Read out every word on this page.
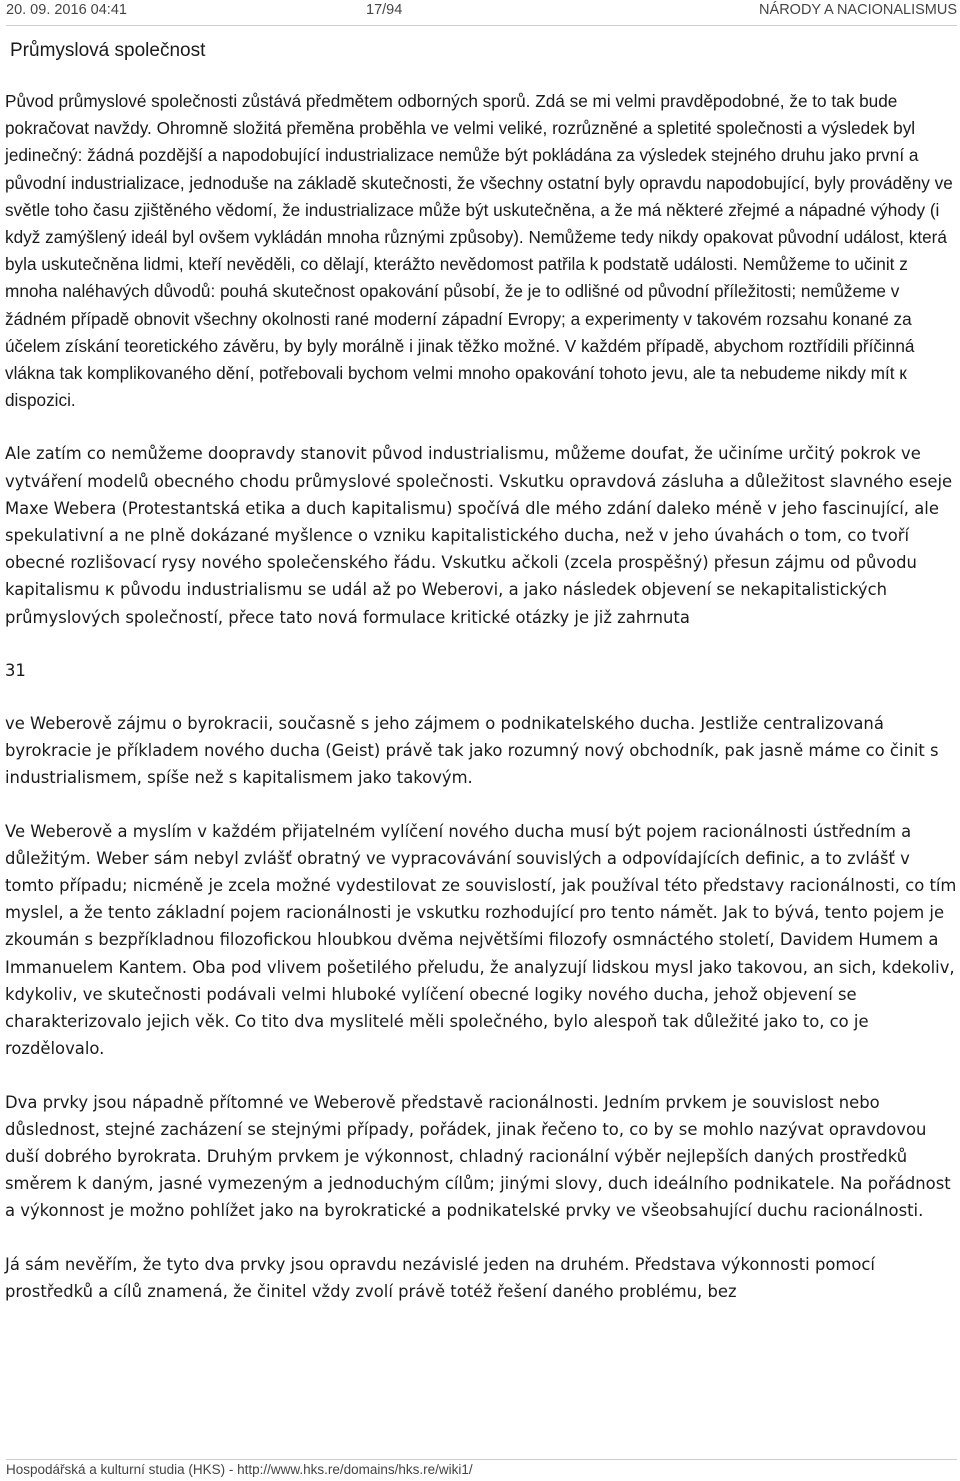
20. 09. 2016 04:41	17/94	NÁRODY A NACIONALISMUS
Průmyslová společnost

Původ průmyslové společnosti zůstává předmětem odborných sporů. Zdá se mi velmi pravděpodobné, že to tak bude pokračovat navždy. Ohromně složitá přeměna proběhla ve velmi veliké, rozrůzněné a spletité společnosti a výsledek byl jedinečný: žádná pozdější a napodobující industrializace nemůže být pokládána za výsledek stejného druhu jako první a původní industrializace, jednoduše na základě skutečnosti, že všechny ostatní byly opravdu napodobující, byly prováděny ve světle toho času zjištěného vědomí, že industrializace může být uskutečněna, a že má některé zřejmé a nápadné výhody (i když zamýšlený ideál byl ovšem vykládán mnoha různými způsoby). Nemůžeme tedy nikdy opakovat původní událost, která byla uskutečněna lidmi, kteří nevěděli, co dělají, kterážto nevědomost patřila k podstatě události. Nemůžeme to učinit z mnoha naléhavých důvodů: pouhá skutečnost opakování působí, že je to odlišné od původní příležitosti; nemůžeme v žádném případě obnovit všechny okolnosti rané moderní západní Evropy; a experimenty v takovém rozsahu konané za účelem získání teoretického závěru, by byly morálně i jinak těžko možné. V každém případě, abychom roztřídili příčinná vlákna tak komplikovaného dění, potřebovali bychom velmi mnoho opakování tohoto jevu, ale ta nebudeme nikdy mít к dispozici.

Ale zatím co nemůžeme doopravdy stanovit původ industrialismu, můžeme doufat, že učiníme určitý pokrok ve vytváření modelů obecného chodu průmyslové společnosti. Vskutku opravdová zásluha a důležitost slavného eseje Maxe Webera (Protestantská etika a duch kapitalismu) spočívá dle mého zdání daleko méně v jeho fascinující, ale spekulativní a ne plně dokázané myšlence o vzniku kapitalistického ducha, než v jeho úvahách o tom, co tvoří obecné rozlišovací rysy nového společenského řádu. Vskutku ačkoli (zcela prospěšný) přesun zájmu od původu kapitalismu к původu industrialismu se udál až po Weberovi, a jako následek objevení se nekapitalistických průmyslových společností, přece tato nová formulace kritické otázky je již zahrnuta

31

ve Weberově zájmu o byrokracii, současně s jeho zájmem o podnikatelského ducha. Jestliže centralizovaná byrokracie je příkladem nového ducha (Geist) právě tak jako rozumný nový obchodník, pak jasně máme co činit s industrialismem, spíše než s kapitalismem jako takovým.

Ve Weberově a myslím v každém přijatelném vylíčení nového ducha musí být pojem racionálnosti ústředním a důležitým. Weber sám nebyl zvlášť obratný ve vypracovávání souvislých a odpovídajících definic, a to zvlášť v tomto případu; nicméně je zcela možné vydestilovat ze souvislostí, jak používal této představy racionálnosti, co tím myslel, a že tento základní pojem racionálnosti je vskutku rozhodující pro tento námět. Jak to bývá, tento pojem je zkoumán s bezpříkladnou filozofickou hloubkou dvěma největšími filozofy osmnáctého století, Davidem Humem a Immanuelem Kantem. Oba pod vlivem pošetilého přeludu, že analyzují lidskou mysl jako takovou, an sich, kdekoliv, kdykoliv, ve skutečnosti podávali velmi hluboké vylíčení obecné logiky nového ducha, jehož objevení se charakterizovalo jejich věk. Co tito dva myslitelé měli společného, bylo alespoň tak důležité jako to, co je rozdělovalo.

Dva prvky jsou nápadně přítomné ve Weberově představě racionálnosti. Jedním prvkem je souvislost nebo důslednost, stejné zacházení se stejnými případy, pořádek, jinak řečeno to, co by se mohlo nazývat opravdovou duší dobrého byrokrata. Druhým prvkem je výkonnost, chladný racionální výběr nejlepších daných prostředků směrem k daným, jasné vymezeným a jednoduchým cílům; jinými slovy, duch ideálního podnikatele. Na pořádnost a výkonnost je možno pohlížet jako na byrokratické a podnikatelské prvky ve všeobsahující duchu racionálnosti.

Já sám nevěřím, že tyto dva prvky jsou opravdu nezávislé jeden na druhém. Představa výkonnosti pomocí prostředků a cílů znamená, že činitel vždy zvolí právě totéž řešení daného problému, bez

Hospodářská a kulturní studia (HKS) - http://www.hks.re/domains/hks.re/wiki1/
